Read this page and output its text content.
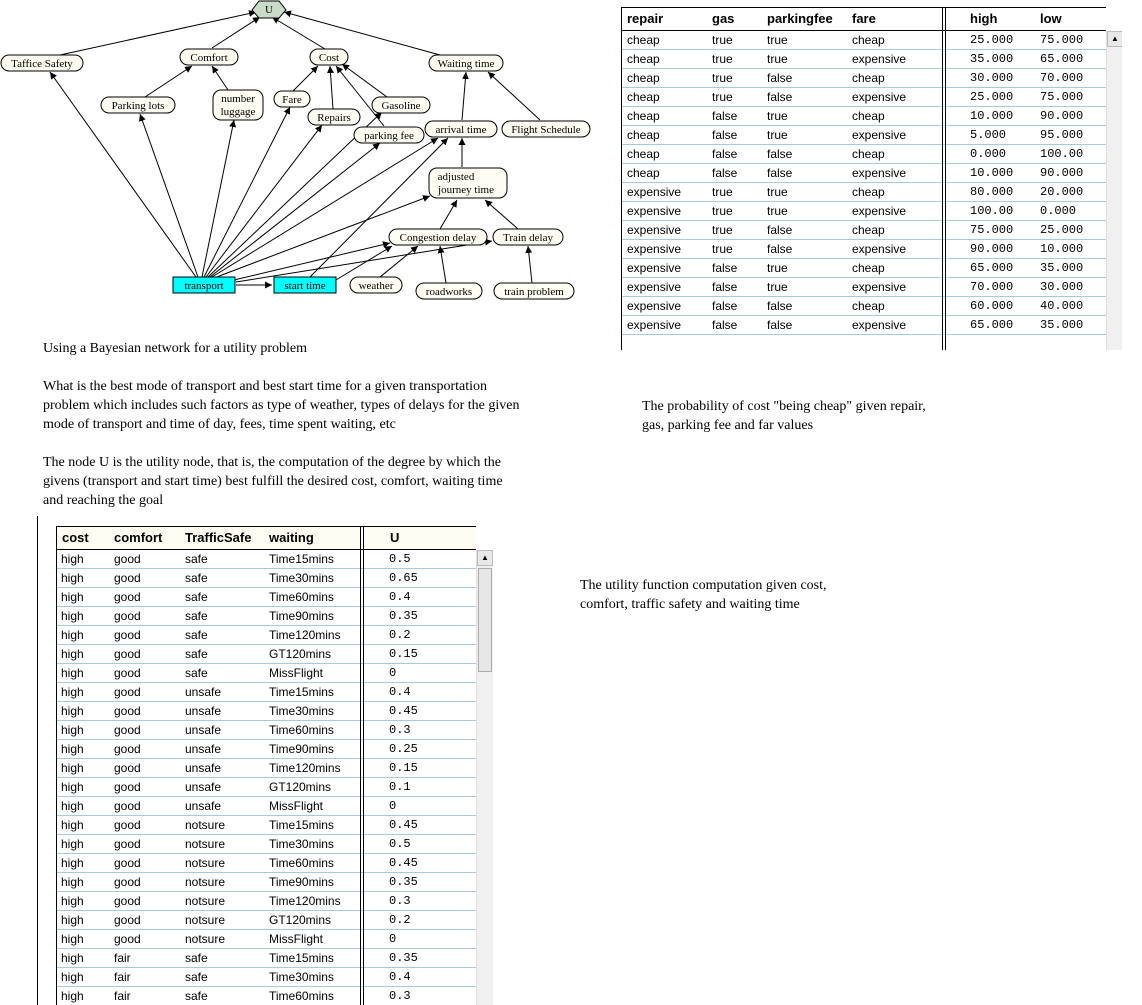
U
Taffice Safety	Comfort	Cost	Waiting time
Parking lots
number
luggage
Fare
Repairs
Gasoline
parking fee arrival time Flight Schedule
adjusted
journey time
Congestion delay Train delay
transport	start time	weather	roadworks	train problem

Using a Bayesian network for a utility problem

What is the best mode of transport and best start time for a given transportation
problem which includes such factors as type of weather, types of delays for the given
mode of transport and time of day, fees, time spent waiting, etc
The node U is the utility node, that is, the computation of the degree by which the
givens (transport and start time) best fulfill the desired cost, comfort, waiting time
and reaching the goal
The probability of cost "being cheap" given repair,
gas, parking fee and far values
The utility function computation given cost,
comfort, traffic safety and waiting time
repair	gas	parkingfee fare	high	low
cheap	true	true	cheap	25.000 75.000
cheap	true	true	expensive	35.000 65.000
cheap	true	false	cheap	30.000 70.000
cheap	true	false	expensive	25.000 75.000
cheap	false true	cheap	10.000 90.000
cheap	false true	expensive	5.000	95.000
cheap	false false	cheap	0.000	100.00
cheap	false false	expensive	10.000 90.000
expensive	true	true	cheap	80.000 20.000
expensive	true	true	expensive	100.00 0.000
expensive	true	false	cheap	75.000 25.000
expensive	true	false	expensive	90.000 10.000
expensive	false true	cheap	65.000 35.000
expensive	false true	expensive	70.000 30.000
expensive	false false	cheap	60.000 40.000
expensive	false false	expensive	65.000 35.000
▲
cost comfort TrafficSafe waiting	U
high	good	safe	Time15mins	0.5
high	good	safe	Time30mins	0.65
high	good	safe	Time60mins	0.4
high	good	safe	Time90mins	0.35
high	good	safe	Time120mins	0.2
high	good	safe	GT120mins	0.15
high	good	safe	MissFlight	0
high	good	unsafe	Time15mins	0.4
high	good	unsafe	Time30mins	0.45
high	good	unsafe	Time60mins	0.3
high	good	unsafe	Time90mins	0.25
high	good	unsafe	Time120mins	0.15
high	good	unsafe	GT120mins	0.1
high	good	unsafe	MissFlight	0
high	good	notsure	Time15mins	0.45
high	good	notsure	Time30mins	0.5
high	good	notsure	Time60mins	0.45
high	good	notsure	Time90mins	0.35
high	good	notsure	Time120mins	0.3
high	good	notsure	GT120mins	0.2
high	good	notsure	MissFlight	0
high	fair	safe	Time15mins	0.35
high	fair	safe	Time30mins	0.4
high	fair	safe	Time60mins	0.3
▲
